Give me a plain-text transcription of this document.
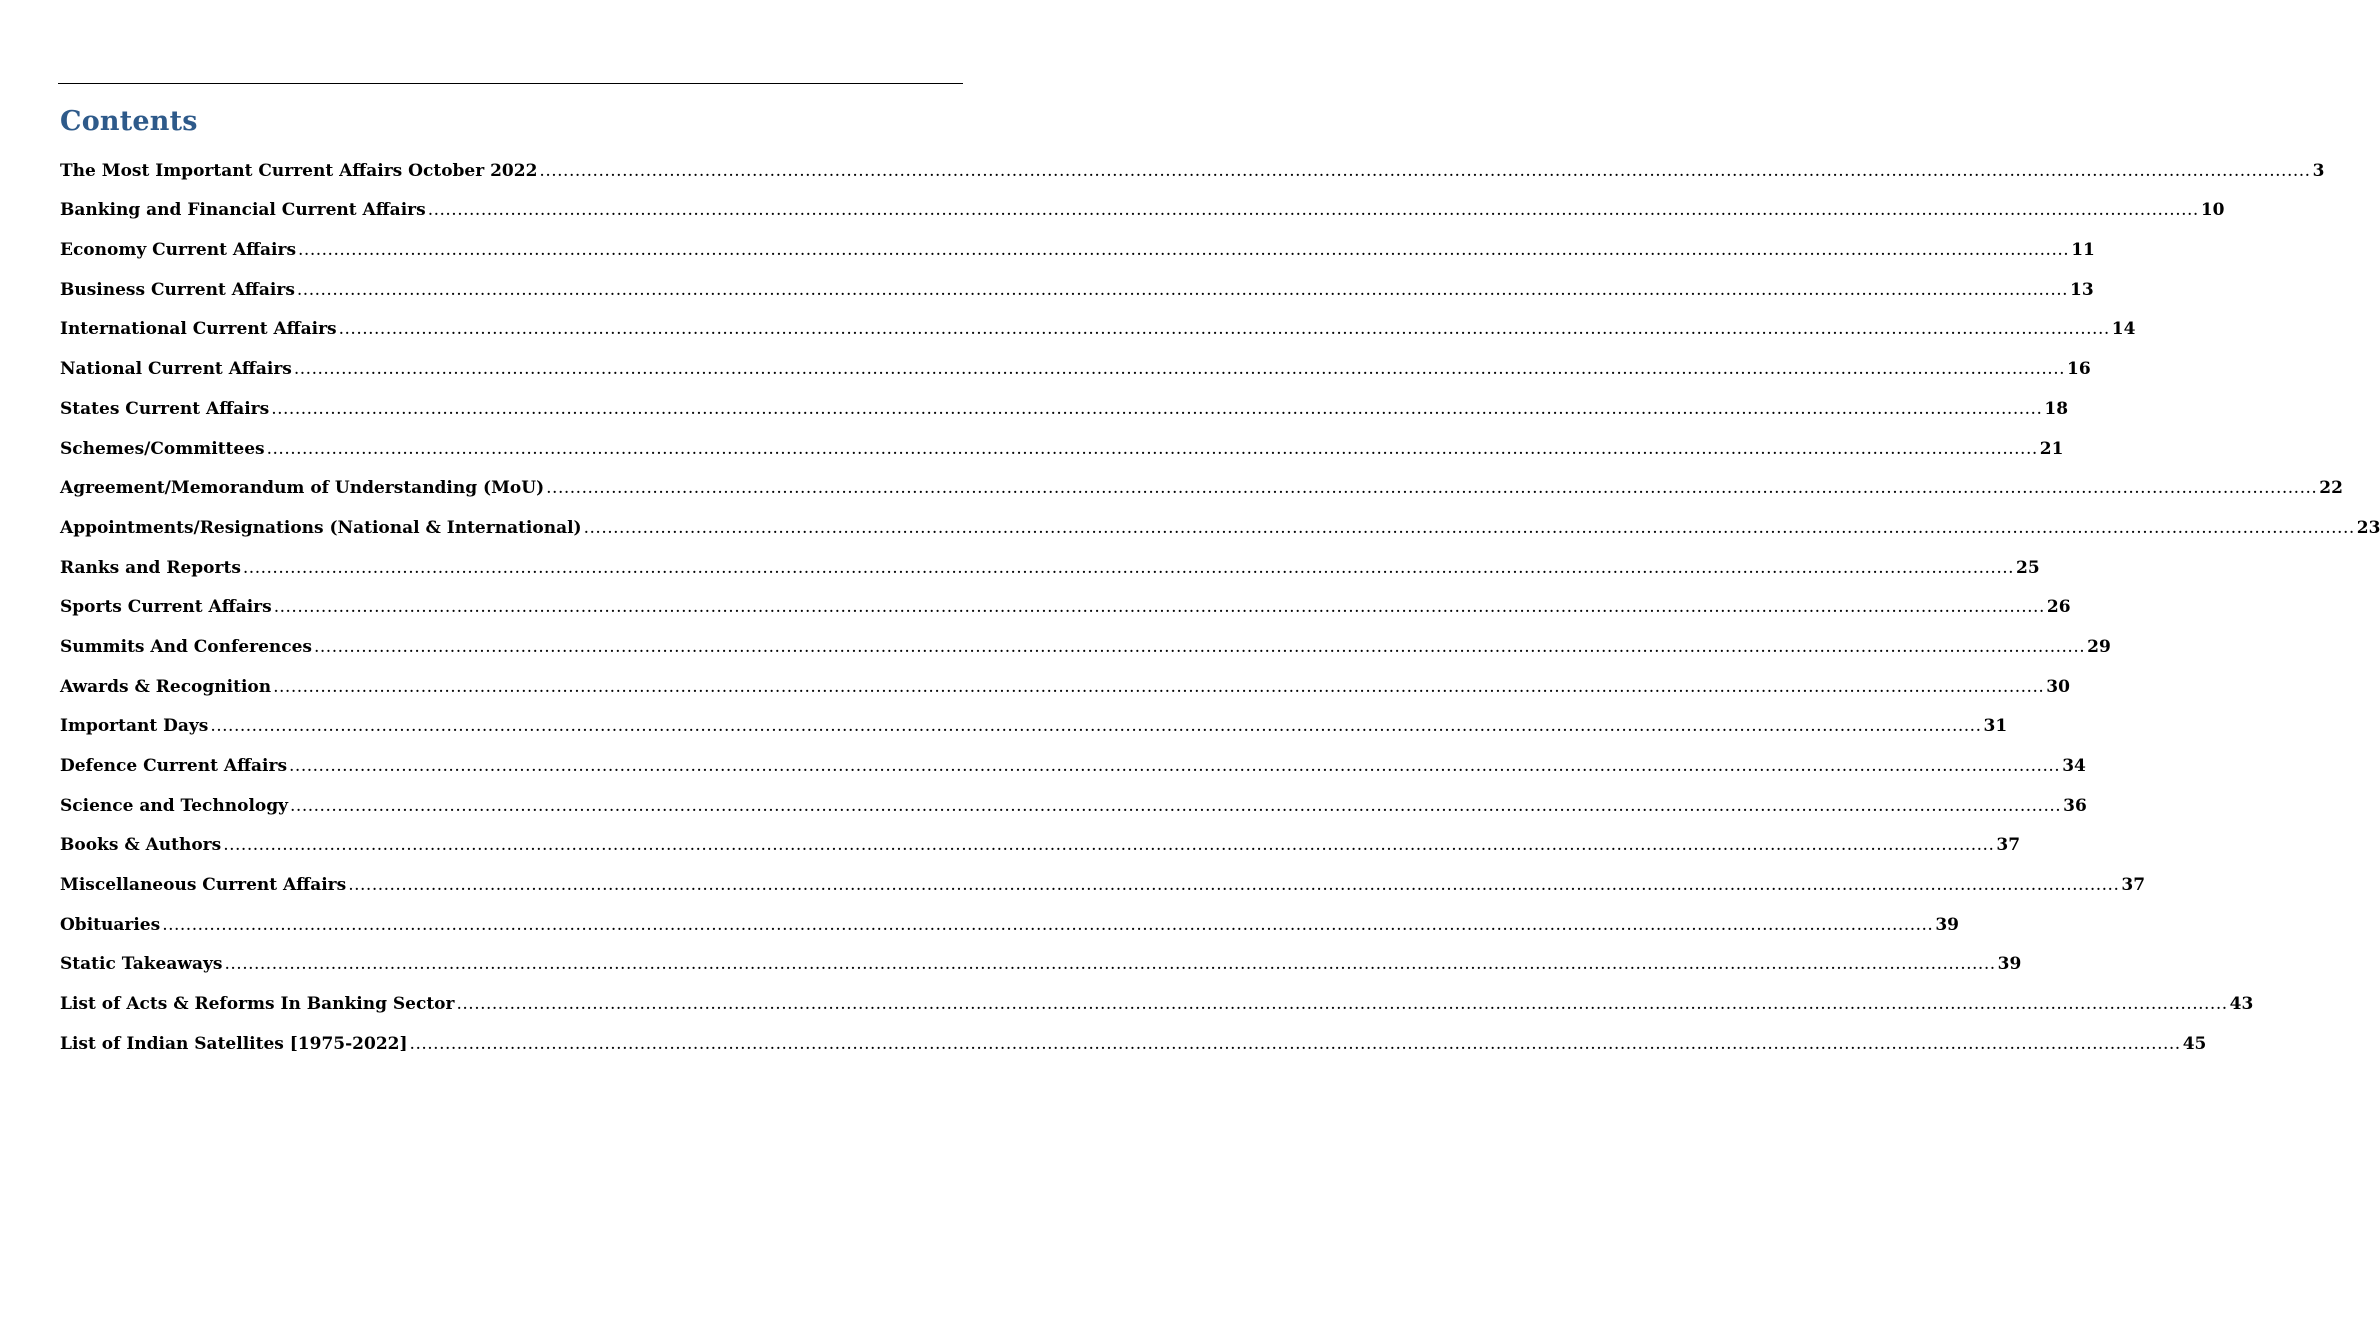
Contents
The Most Important Current Affairs October 2022 ............................................................................................................................................................................................................................................................................................................ 3
Banking and Financial Current Affairs ............................................................................................................................................................................................................................................................................................................ 10
Economy Current Affairs ............................................................................................................................................................................................................................................................................................................ 11
Business Current Affairs ............................................................................................................................................................................................................................................................................................................ 13
International Current Affairs ............................................................................................................................................................................................................................................................................................................ 14
National Current Affairs ............................................................................................................................................................................................................................................................................................................ 16
States Current Affairs ............................................................................................................................................................................................................................................................................................................ 18
Schemes/Committees ............................................................................................................................................................................................................................................................................................................ 21
Agreement/Memorandum of Understanding (MoU) ............................................................................................................................................................................................................................................................................................................ 22
Appointments/Resignations (National & International) ............................................................................................................................................................................................................................................................................................................ 23
Ranks and Reports ............................................................................................................................................................................................................................................................................................................ 25
Sports Current Affairs ............................................................................................................................................................................................................................................................................................................ 26
Summits And Conferences ............................................................................................................................................................................................................................................................................................................ 29
Awards & Recognition ............................................................................................................................................................................................................................................................................................................ 30
Important Days ............................................................................................................................................................................................................................................................................................................ 31
Defence Current Affairs ............................................................................................................................................................................................................................................................................................................ 34
Science and Technology ............................................................................................................................................................................................................................................................................................................ 36
Books & Authors ............................................................................................................................................................................................................................................................................................................ 37
Miscellaneous Current Affairs ............................................................................................................................................................................................................................................................................................................ 37
Obituaries ............................................................................................................................................................................................................................................................................................................ 39
Static Takeaways ............................................................................................................................................................................................................................................................................................................ 39
List of Acts & Reforms In Banking Sector ............................................................................................................................................................................................................................................................................................................ 43
List of Indian Satellites [1975-2022] ............................................................................................................................................................................................................................................................................................................ 45
